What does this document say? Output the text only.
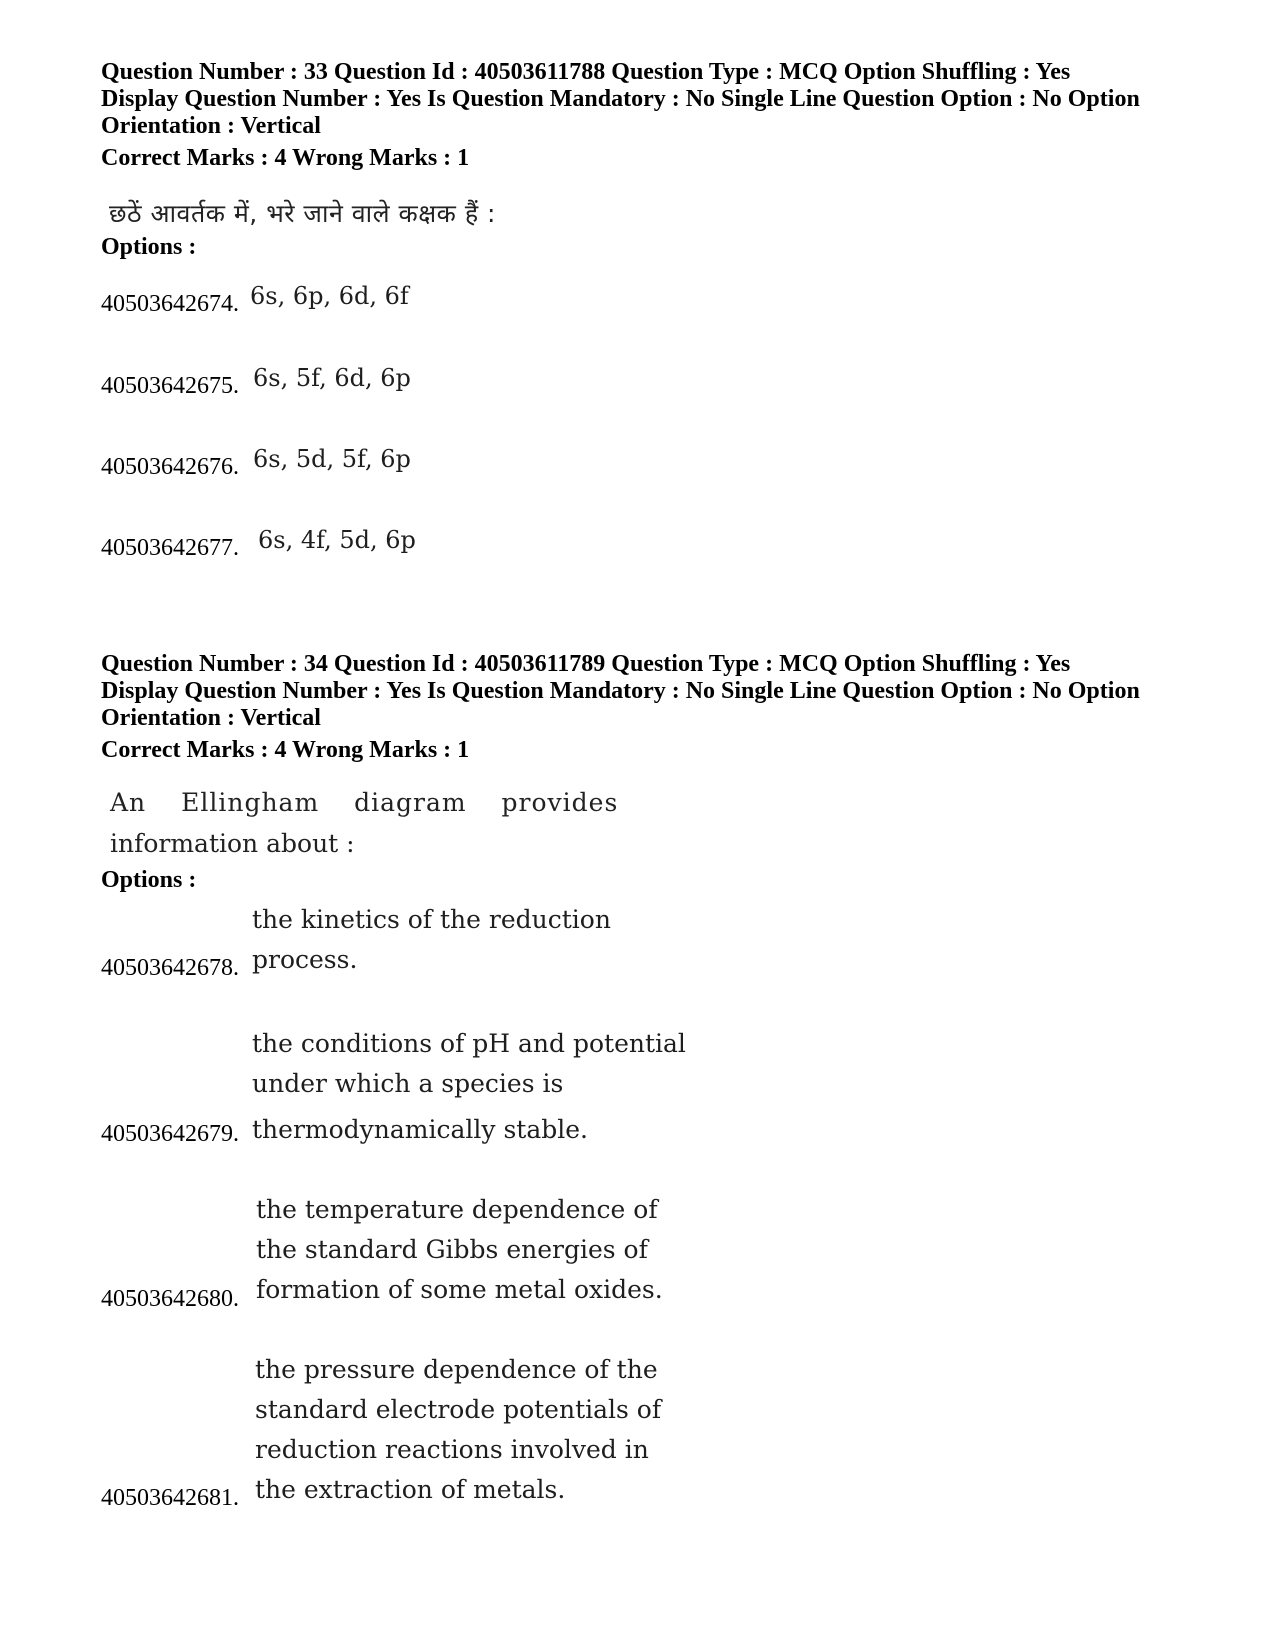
Question Number : 33 Question Id : 40503611788 Question Type : MCQ Option Shuffling : Yes
Display Question Number : Yes Is Question Mandatory : No Single Line Question Option : No Option
Orientation : Vertical
Correct Marks : 4 Wrong Marks : 1
छठें आवर्तक में, भरे जाने वाले कक्षक हैं :
Options :
40503642674. 6s, 6p, 6d, 6f
40503642675. 6s, 5f, 6d, 6p
40503642676. 6s, 5d, 5f, 6p
40503642677. 6s, 4f, 5d, 6p
Question Number : 34 Question Id : 40503611789 Question Type : MCQ Option Shuffling : Yes
Display Question Number : Yes Is Question Mandatory : No Single Line Question Option : No Option
Orientation : Vertical
Correct Marks : 4 Wrong Marks : 1
An Ellingham diagram provides
information about :
Options :
40503642678.
the kinetics of the reduction
process.
40503642679.
the conditions of pH and potential
under which a species is
thermodynamically stable.
40503642680.
the temperature dependence of
the standard Gibbs energies of
formation of some metal oxides.
40503642681.
the pressure dependence of the
standard electrode potentials of
reduction reactions involved in
the extraction of metals.
